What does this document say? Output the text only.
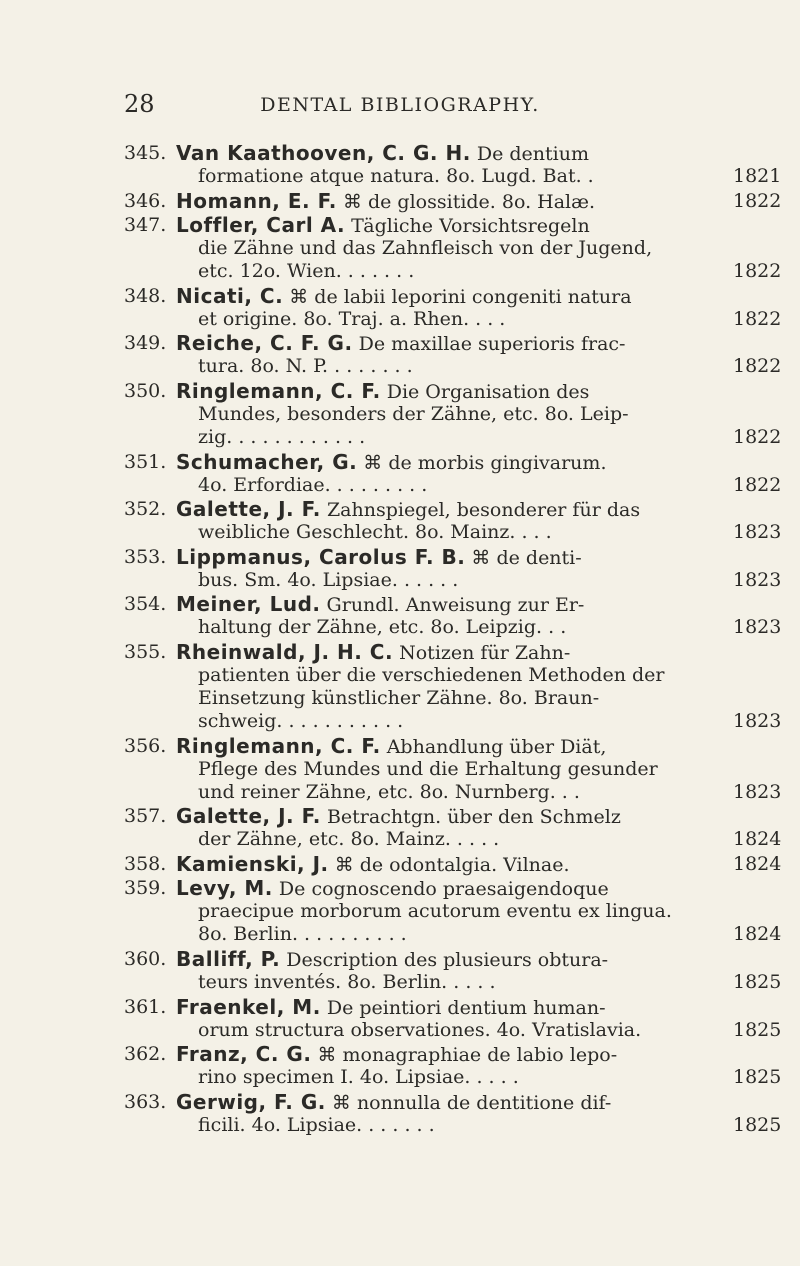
28	DENTAL BIBLIOGRAPHY.
345. Van Kaathooven, C. G. H. De dentium
formatione atque natura. 8o. Lugd. Bat. .	1821
346. Homann, E. F. ⌘ de glossitide. 8o. Halæ.	1822
347. Loffler, Carl A. Tägliche Vorsichtsregeln
die Zähne und das Zahnfleisch von der Jugend,
etc. 12o. Wien. . . . . . .	1822
348. Nicati, C. ⌘ de labii leporini congeniti natura
et origine. 8o. Traj. a. Rhen. . . .	1822
349. Reiche, C. F. G. De maxillae superioris frac-
tura. 8o. N. P. . . . . . . .	1822
350. Ringlemann, C. F. Die Organisation des
Mundes, besonders der Zähne, etc. 8o. Leip-
zig. . . . . . . . . . . .	1822
351. Schumacher, G. ⌘ de morbis gingivarum.
4o. Erfordiae. . . . . . . . .	1822
352. Galette, J. F. Zahnspiegel, besonderer für das
weibliche Geschlecht. 8o. Mainz. . . .	1823
353. Lippmanus, Carolus F. B. ⌘ de denti-
bus. Sm. 4o. Lipsiae. . . . . .	1823
354. Meiner, Lud. Grundl. Anweisung zur Er-
haltung der Zähne, etc. 8o. Leipzig. . .	1823
355. Rheinwald, J. H. C. Notizen für Zahn-
patienten über die verschiedenen Methoden der
Einsetzung künstlicher Zähne. 8o. Braun-
schweig. . . . . . . . . . .	1823
356. Ringlemann, C. F. Abhandlung über Diät,
Pflege des Mundes und die Erhaltung gesunder
und reiner Zähne, etc. 8o. Nurnberg. . .	1823
357. Galette, J. F. Betrachtgn. über den Schmelz
der Zähne, etc. 8o. Mainz. . . . .	1824
358. Kamienski, J. ⌘ de odontalgia. Vilnae.	1824
359. Levy, M. De cognoscendo praesaigendoque
praecipue morborum acutorum eventu ex lingua.
8o. Berlin. . . . . . . . . .	1824
360. Balliff, P. Description des plusieurs obtura-
teurs inventés. 8o. Berlin. . . . .	1825
361. Fraenkel, M. De peintiori dentium human-
orum structura observationes. 4o. Vratislavia.	1825
362. Franz, C. G. ⌘ monagraphiae de labio lepo-
rino specimen I. 4o. Lipsiae. . . . .	1825
363. Gerwig, F. G. ⌘ nonnulla de dentitione dif-
ficili. 4o. Lipsiae. . . . . . .	1825
